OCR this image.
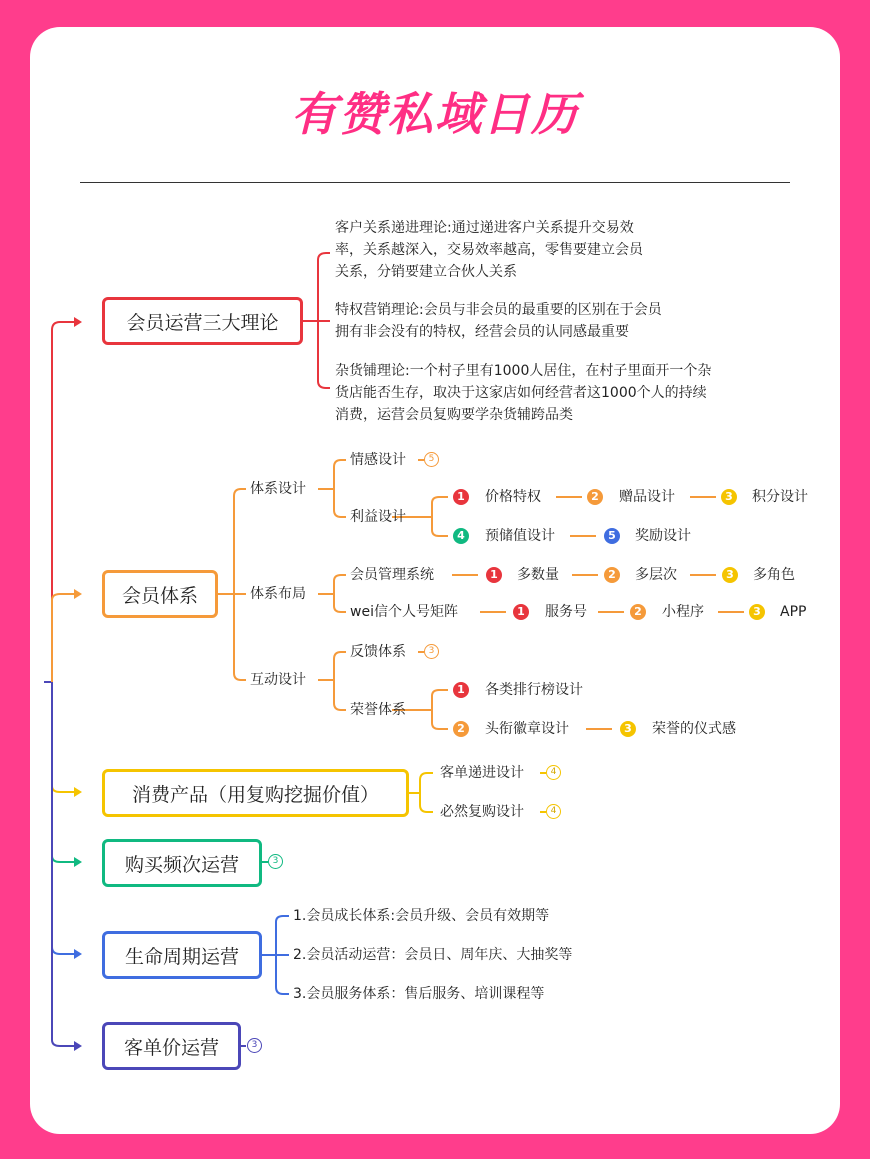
有赞私域日历
会员运营三大理论
客户关系递进理论:通过递进客户关系提升交易效
率，关系越深入，交易效率越高，零售要建立会员
关系，分销要建立合伙人关系
特权营销理论:会员与非会员的最重要的区别在于会员
拥有非会没有的特权，经营会员的认同感最重要
杂货铺理论:一个村子里有1000人居住，在村子里面开一个杂
货店能否生存，取决于这家店如何经营者这1000个人的持续
消费，运营会员复购要学杂货辅跨品类
会员体系
体系设计
情感设计	5
利益设计
1 价格特权	2 赠品设计	3 积分设计
4 预储值设计	5 奖励设计
体系布局
会员管理系统	1 多数量	2 多层次	3 多角色
wei信个人号矩阵	1 服务号	2 小程序	3 APP
互动设计
反馈体系	3
荣誉体系
1 各类排行榜设计
2 头衔徽章设计	3 荣誉的仪式感
消费产品（用复购挖掘价值）
客单递进设计	4
必然复购设计	4
购买频次运营	3
生命周期运营
1.会员成长体系:会员升级、会员有效期等
2.会员活动运营：会员日、周年庆、大抽奖等
3.会员服务体系：售后服务、培训课程等
客单价运营	3
